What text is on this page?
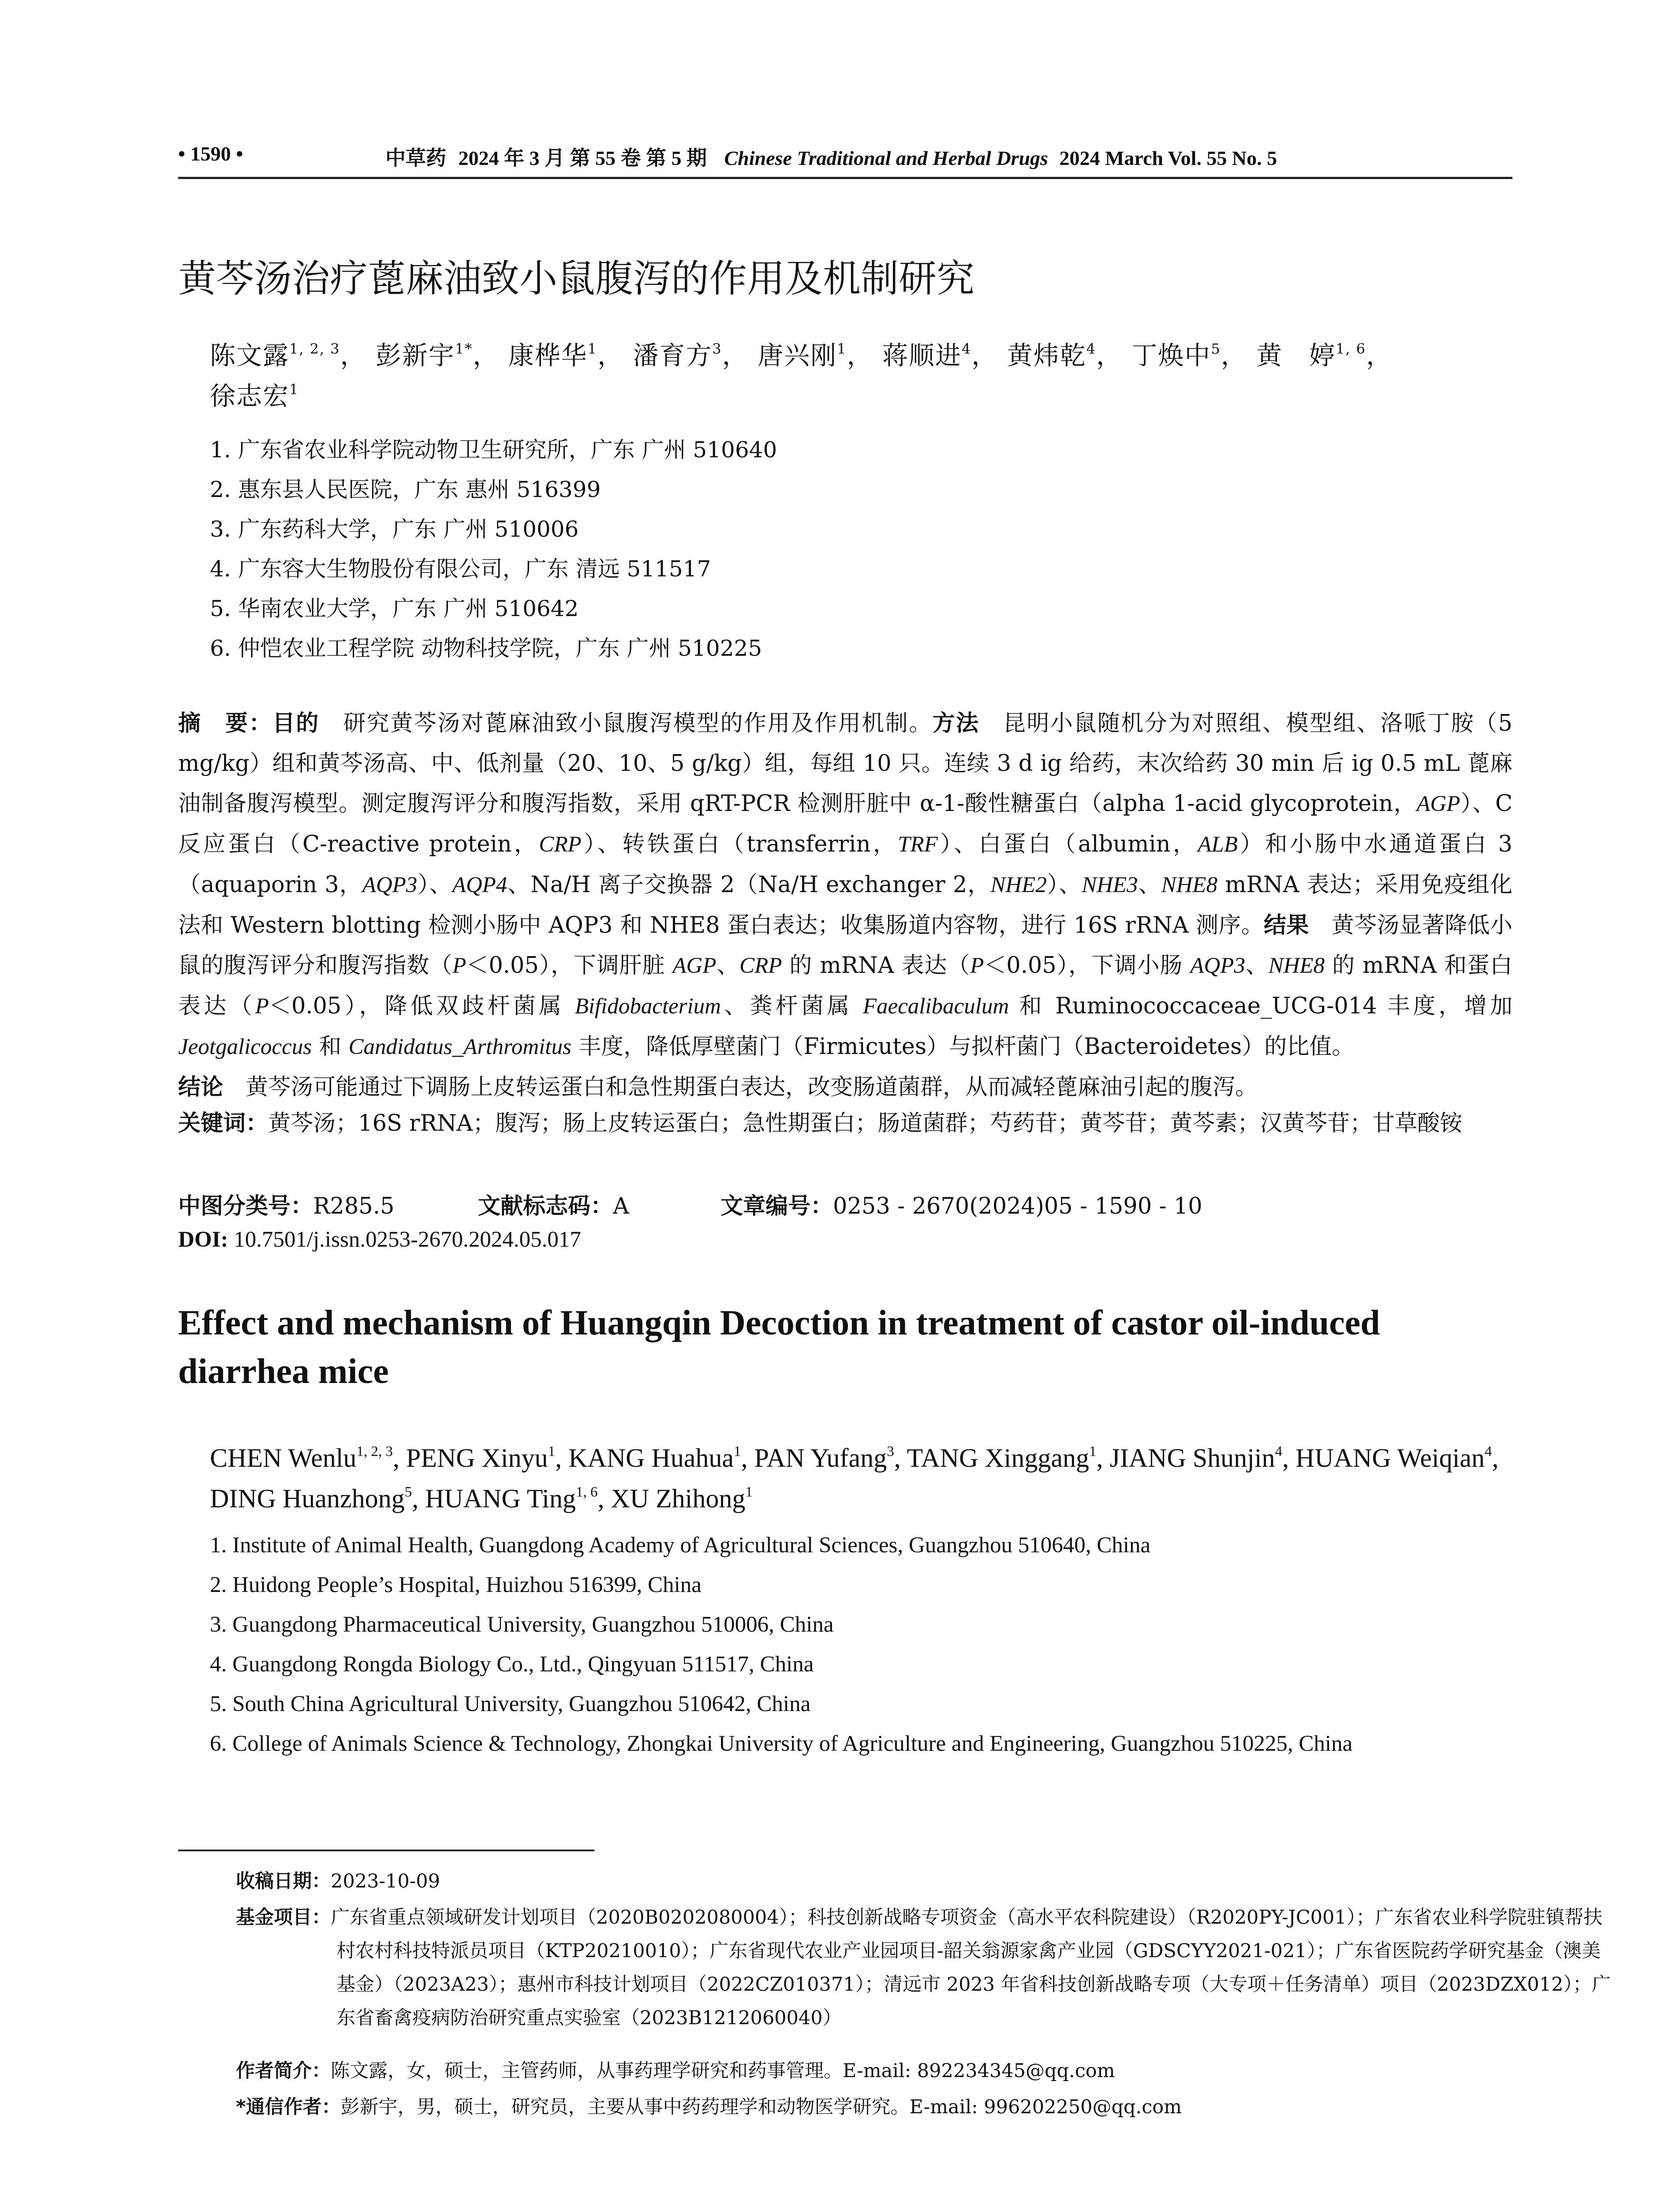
• 1590 •	中草药 2024 年 3 月 第 55 卷 第 5 期 Chinese Traditional and Herbal Drugs 2024 March Vol. 55 No. 5
黄芩汤治疗蓖麻油致小鼠腹泻的作用及机制研究
陈文露$^{1, 2, 3}$， 彭新宇$^{1*}$， 康桦华$^1$， 潘育方$^3$， 唐兴刚$^1$， 蒋顺进$^4$， 黄炜乾$^4$， 丁焕中$^5$， 黄　婷$^{1, 6}$，
徐志宏$^1$
1. 广东省农业科学院动物卫生研究所，广东 广州 510640
2. 惠东县人民医院，广东 惠州 516399
3. 广东药科大学，广东 广州 510006
4. 广东容大生物股份有限公司，广东 清远 511517
5. 华南农业大学，广东 广州 510642
6. 仲恺农业工程学院 动物科技学院，广东 广州 510225
摘　要：目的　 研究黄芩汤对蓖麻油致小鼠腹泻模型的作用及作用机制。方法　 昆明小鼠随机分为对照组、模型组、洛哌丁胺（5 mg/kg）组和黄芩汤高、中、低剂量（20、10、5 g/kg）组，每组 10 只。连续 3 d ig 给药，末次给药 30 min 后 ig 0.5 mL 蓖麻油制备腹泻模型。测定腹泻评分和腹泻指数，采用 qRT-PCR 检测肝脏中 α-1-酸性糖蛋白（alpha 1-acid glycoprotein，AGP）、C 反应蛋白（C-reactive protein，CRP）、转铁蛋白（transferrin，TRF）、白蛋白（albumin，ALB）和小肠中水通道蛋白 3（aquaporin 3，AQP3）、AQP4、Na/H 离子交换器 2（Na/H exchanger 2，NHE2）、NHE3、NHE8 mRNA 表达；采用免疫组化法和 Western blotting 检测小肠中 AQP3 和 NHE8 蛋白表达；收集肠道内容物，进行 16S rRNA 测序。结果　 黄芩汤显著降低小鼠的腹泻评分和腹泻指数（P＜0.05），下调肝脏 AGP、CRP 的 mRNA 表达（P＜0.05），下调小肠 AQP3、NHE8 的 mRNA 和蛋白表达（P＜0.05），降低双歧杆菌属 Bifidobacterium、粪杆菌属 Faecalibaculum 和 Ruminococcaceae_UCG-014 丰度，增加 Jeotgalicoccus 和 Candidatus_Arthromitus 丰度，降低厚壁菌门（Firmicutes）与拟杆菌门（Bacteroidetes）的比值。
结论　 黄芩汤可能通过下调肠上皮转运蛋白和急性期蛋白表达，改变肠道菌群，从而减轻蓖麻油引起的腹泻。
关键词：黄芩汤；16S rRNA；腹泻；肠上皮转运蛋白；急性期蛋白；肠道菌群；芍药苷；黄芩苷；黄芩素；汉黄芩苷；甘草酸铵
中图分类号：R285.5	文献标志码：A	文章编号：0253 - 2670(2024)05 - 1590 - 10
DOI: 10.7501/j.issn.0253-2670.2024.05.017
Effect and mechanism of Huangqin Decoction in treatment of castor oil-induced diarrhea mice
CHEN Wenlu$^{1, 2, 3}$, PENG Xinyu$^1$, KANG Huahua$^1$, PAN Yufang$^3$, TANG Xinggang$^1$, JIANG Shunjin$^4$, HUANG Weiqian$^4$, DING Huanzhong$^5$, HUANG Ting$^{1, 6}$, XU Zhihong$^1$
1. Institute of Animal Health, Guangdong Academy of Agricultural Sciences, Guangzhou 510640, China
2. Huidong People’s Hospital, Huizhou 516399, China
3. Guangdong Pharmaceutical University, Guangzhou 510006, China
4. Guangdong Rongda Biology Co., Ltd., Qingyuan 511517, China
5. South China Agricultural University, Guangzhou 510642, China
6. College of Animals Science & Technology, Zhongkai University of Agriculture and Engineering, Guangzhou 510225, China
收稿日期：2023-10-09
基金项目：广东省重点领域研发计划项目（2020B0202080004）；科技创新战略专项资金（高水平农科院建设）（R2020PY-JC001）；广东省农业科学院驻镇帮扶村农村科技特派员项目（KTP20210010）；广东省现代农业产业园项目-韶关翁源家禽产业园（GDSCYY2021-021）；广东省医院药学研究基金（澳美基金）（2023A23）；惠州市科技计划项目（2022CZ010371）；清远市 2023 年省科技创新战略专项（大专项＋任务清单）项目（2023DZX012）；广东省畜禽疫病防治研究重点实验室（2023B1212060040）
作者简介：陈文露，女，硕士，主管药师，从事药理学研究和药事管理。E-mail: 892234345@qq.com
*通信作者：彭新宇，男，硕士，研究员，主要从事中药药理学和动物医学研究。E-mail: 996202250@qq.com
